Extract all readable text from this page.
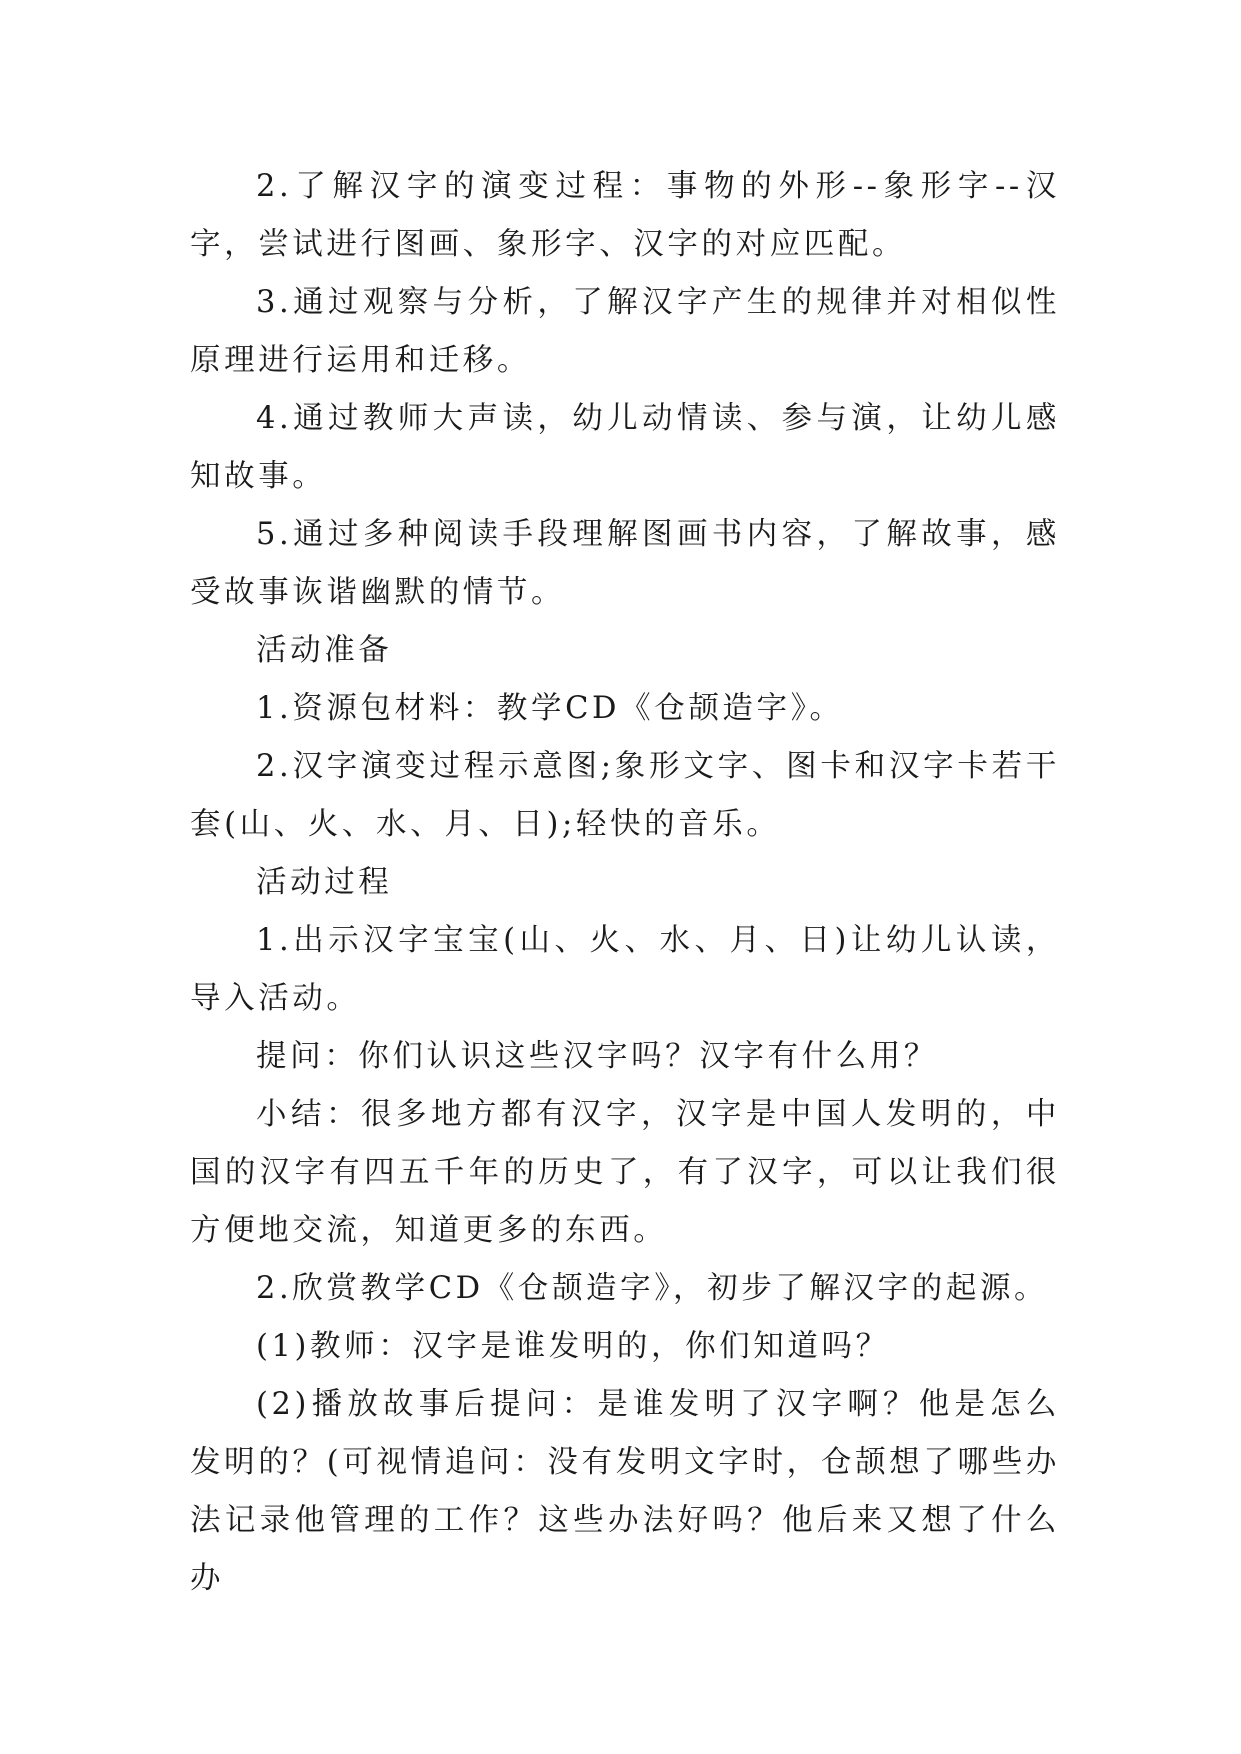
2.了解汉字的演变过程：事物的外形--象形字--汉字，尝试进行图画、象形字、汉字的对应匹配。

3.通过观察与分析，了解汉字产生的规律并对相似性原理进行运用和迁移。

4.通过教师大声读，幼儿动情读、参与演，让幼儿感知故事。

5.通过多种阅读手段理解图画书内容，了解故事，感受故事诙谐幽默的情节。

活动准备

1.资源包材料：教学CD《仓颉造字》。

2.汉字演变过程示意图;象形文字、图卡和汉字卡若干套(山、火、水、月、日);轻快的音乐。

活动过程

1.出示汉字宝宝(山、火、水、月、日)让幼儿认读，导入活动。

提问：你们认识这些汉字吗？汉字有什么用？

小结：很多地方都有汉字，汉字是中国人发明的，中国的汉字有四五千年的历史了，有了汉字，可以让我们很方便地交流，知道更多的东西。

2.欣赏教学CD《仓颉造字》，初步了解汉字的起源。

(1)教师：汉字是谁发明的，你们知道吗？

(2)播放故事后提问：是谁发明了汉字啊？他是怎么发明的？(可视情追问：没有发明文字时，仓颉想了哪些办法记录他管理的工作？这些办法好吗？他后来又想了什么办
